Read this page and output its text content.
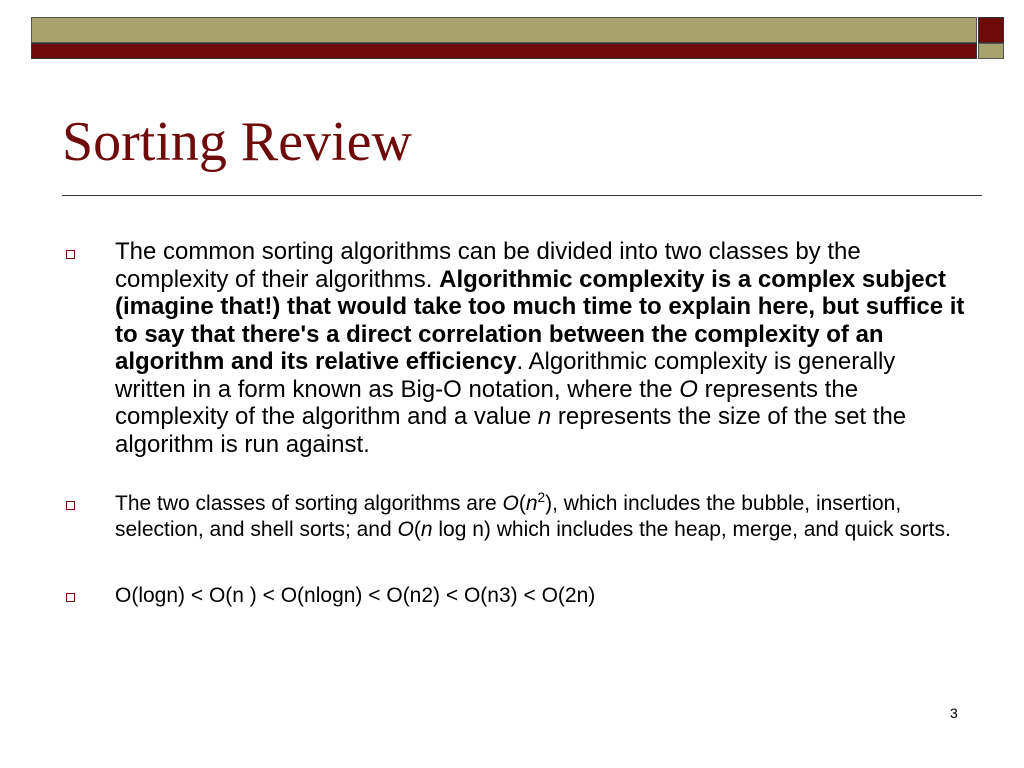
Sorting Review
The common sorting algorithms can be divided into two classes by the complexity of their algorithms. Algorithmic complexity is a complex subject (imagine that!) that would take too much time to explain here, but suffice it to say that there's a direct correlation between the complexity of an algorithm and its relative efficiency. Algorithmic complexity is generally written in a form known as Big-O notation, where the O represents the complexity of the algorithm and a value n represents the size of the set the algorithm is run against.
The two classes of sorting algorithms are $O(n^2)$, which includes the bubble, insertion, selection, and shell sorts; and O(n log n) which includes the heap, merge, and quick sorts.
O(logn) < O(n ) < O(nlogn) < O(n2) < O(n3) < O(2n)
3
